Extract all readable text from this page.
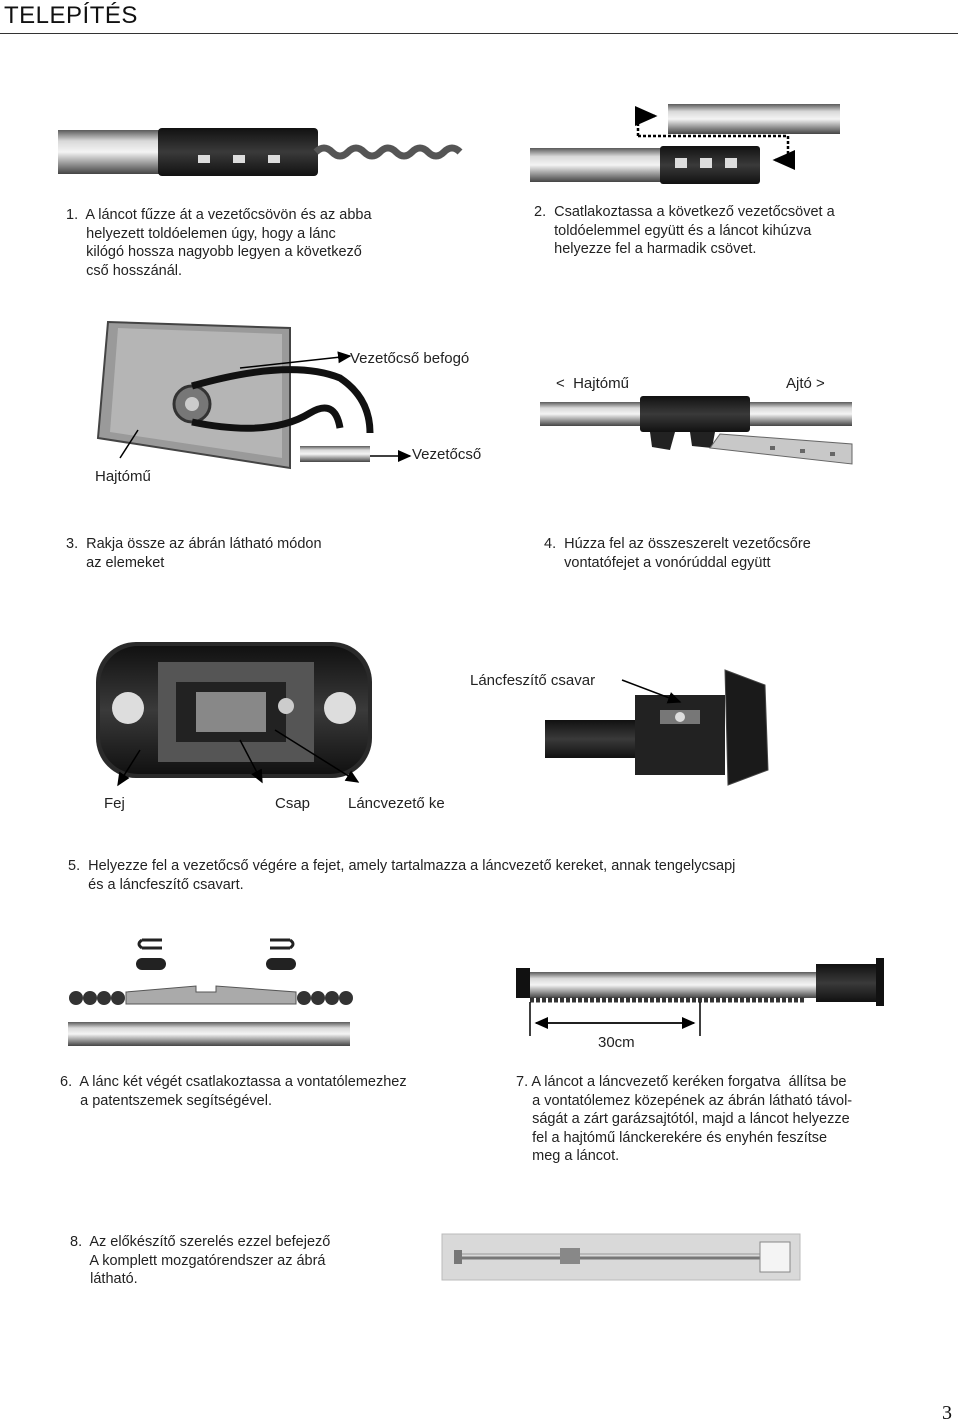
TELEPÍTÉS
1.  A láncot fűzze át a vezetőcsövön és az abba
helyezett toldóelemen úgy, hogy a lánc
kilógó hossza nagyobb legyen a következő
cső hosszánál.
2.  Csatlakoztassa a következő vezetőcsövet a
toldóelemmel együtt és a láncot kihúzva
helyezze fel a harmadik csövet.
Vezetőcső befogó
Vezetőcső
Hajtómű
3.  Rakja össze az ábrán látható módon
az elemeket
<  Hajtómű	Ajtó >
4.  Húzza fel az összeszerelt vezetőcsőre
vontatófejet a vonórúddal együtt
Fej	Csap	Láncvezető ke
Láncfeszítő csavar
5.  Helyezze fel a vezetőcső végére a fejet, amely tartalmazza a láncvezető kereket, annak tengelycsapj
és a láncfeszítő csavart.
6.  A lánc két végét csatlakoztassa a vontatólemezhez
a patentszemek segítségével.
30cm
7. A láncot a láncvezető keréken forgatva  állítsa be
a vontatólemez közepének az ábrán látható távol-
ságát a zárt garázsajtótól, majd a láncot helyezze
fel a hajtómű lánckerekére és enyhén feszítse
meg a láncot.
8.  Az előkészítő szerelés ezzel befejező
A komplett mozgatórendszer az ábrá
látható.
3
